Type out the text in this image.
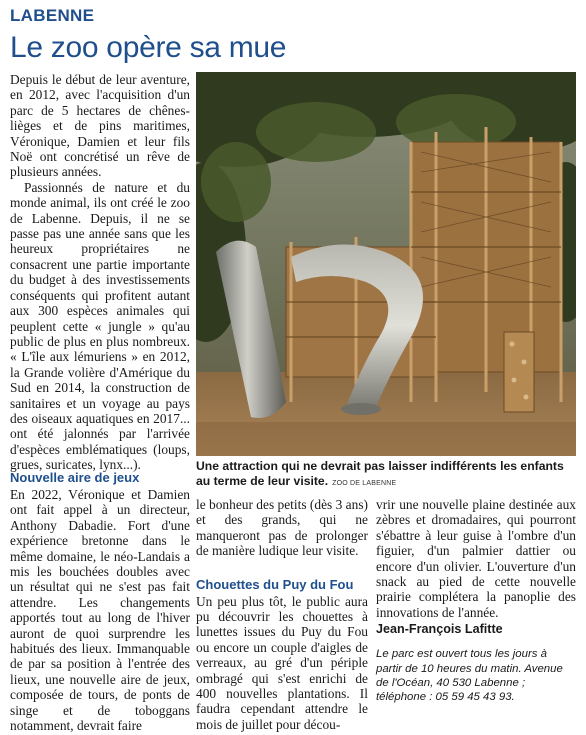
LABENNE
Le zoo opère sa mue

Depuis le début de leur aventure, en 2012, avec l'acquisition d'un parc de 5 hectares de chênes-lièges et de pins maritimes, Véronique, Damien et leur fils Noë ont concrétisé un rêve de plusieurs années.

Passionnés de nature et du monde animal, ils ont créé le zoo de Labenne. Depuis, il ne se passe pas une année sans que les heureux propriétaires ne consacrent une partie importante du budget à des investissements conséquents qui profitent autant aux 300 espèces animales qui peuplent cette « jungle » qu'au public de plus en plus nombreux. « L'île aux lémuriens » en 2012, la Grande volière d'Amérique du Sud en 2014, la construction de sanitaires et un voyage au pays des oiseaux aquatiques en 2017... ont été jalonnés par l'arrivée d'espèces emblématiques (loups, grues, suricates, lynx...).	Une attraction qui ne devrait pas laisser indifférents les enfants au terme de leur visite. ZOO DE LABENNE
Nouvelle aire de jeux

En 2022, Véronique et Damien ont fait appel à un directeur, Anthony Dabadie. Fort d'une expérience bretonne dans le même domaine, le néo-Landais a mis les bouchées doubles avec un résultat qui ne s'est pas fait attendre. Les changements apportés tout au long de l'hiver auront de quoi surprendre les habitués des lieux. Immanquable de par sa position à l'entrée des lieux, une nouvelle aire de jeux, composée de tours, de ponts de singe et de toboggans notamment, devrait faire

le bonheur des petits (dès 3 ans) et des grands, qui ne manqueront pas de prolonger de manière ludique leur visite.

Chouettes du Puy du Fou

Un peu plus tôt, le public aura pu découvrir les chouettes à lunettes issues du Puy du Fou ou encore un couple d'aigles de verreaux, au gré d'un périple ombragé qui s'est enrichi de 400 nouvelles plantations. Il faudra cependant attendre le mois de juillet pour décou-

vrir une nouvelle plaine destinée aux zèbres et dromadaires, qui pourront s'ébattre à leur guise à l'ombre d'un figuier, d'un palmier dattier ou encore d'un olivier. L'ouverture d'un snack au pied de cette nouvelle prairie complétera la panoplie des innovations de l'année.

Jean-François Lafitte
Le parc est ouvert tous les jours à partir de 10 heures du matin. Avenue de l'Océan, 40 530 Labenne ; téléphone : 05 59 45 43 93.
